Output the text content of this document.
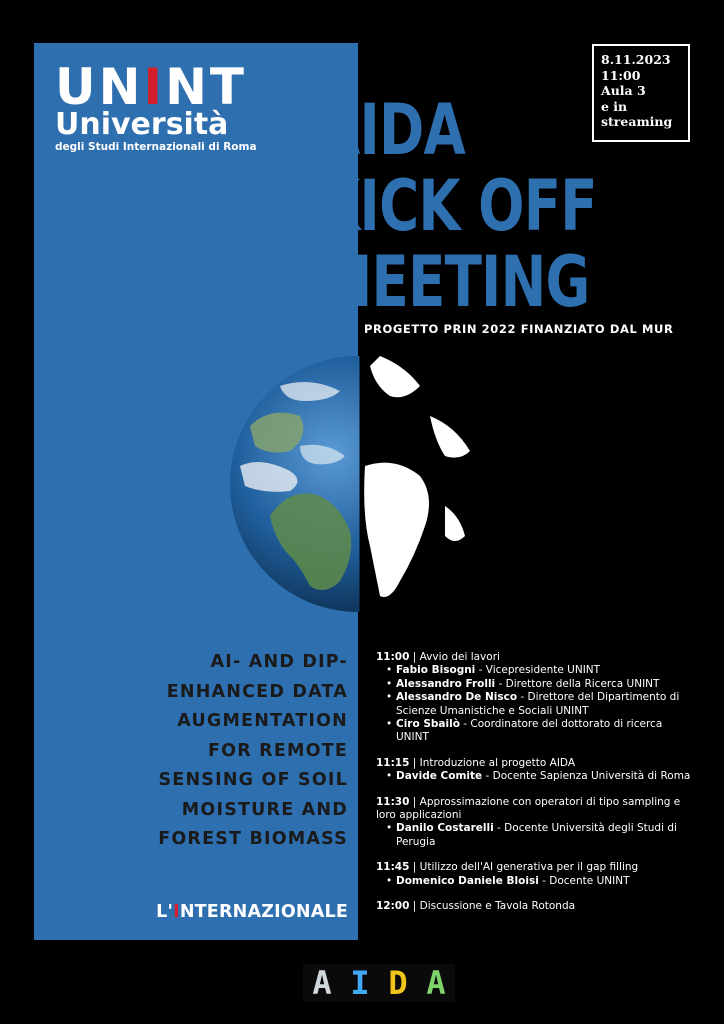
UNINT
Università
degli Studi Internazionali di Roma
8.11.2023
11:00
Aula 3
e in
streaming
AIDA
KICK OFF
MEETING
PROGETTO PRIN 2022 FINANZIATO DAL MUR
AI- AND DIP-
ENHANCED DATA
AUGMENTATION
FOR REMOTE
SENSING OF SOIL
MOISTURE AND
FOREST BIOMASS
L'INTERNAZIONALE
11:00 | Avvio dei lavori
• Fabio Bisogni - Vicepresidente UNINT
• Alessandro Frolli - Direttore della Ricerca UNINT
• Alessandro De Nisco - Direttore del Dipartimento di Scienze Umanistiche e Sociali UNINT
• Ciro Sbailò - Coordinatore del dottorato di ricerca UNINT
11:15 | Introduzione al progetto AIDA
• Davide Comite - Docente Sapienza Università di Roma
11:30 | Approssimazione con operatori di tipo sampling e loro applicazioni
• Danilo Costarelli - Docente Università degli Studi di Perugia
11:45 | Utilizzo dell'AI generativa per il gap filling
• Domenico Daniele Bloisi - Docente UNINT
12:00 | Discussione e Tavola Rotonda
A I D A
